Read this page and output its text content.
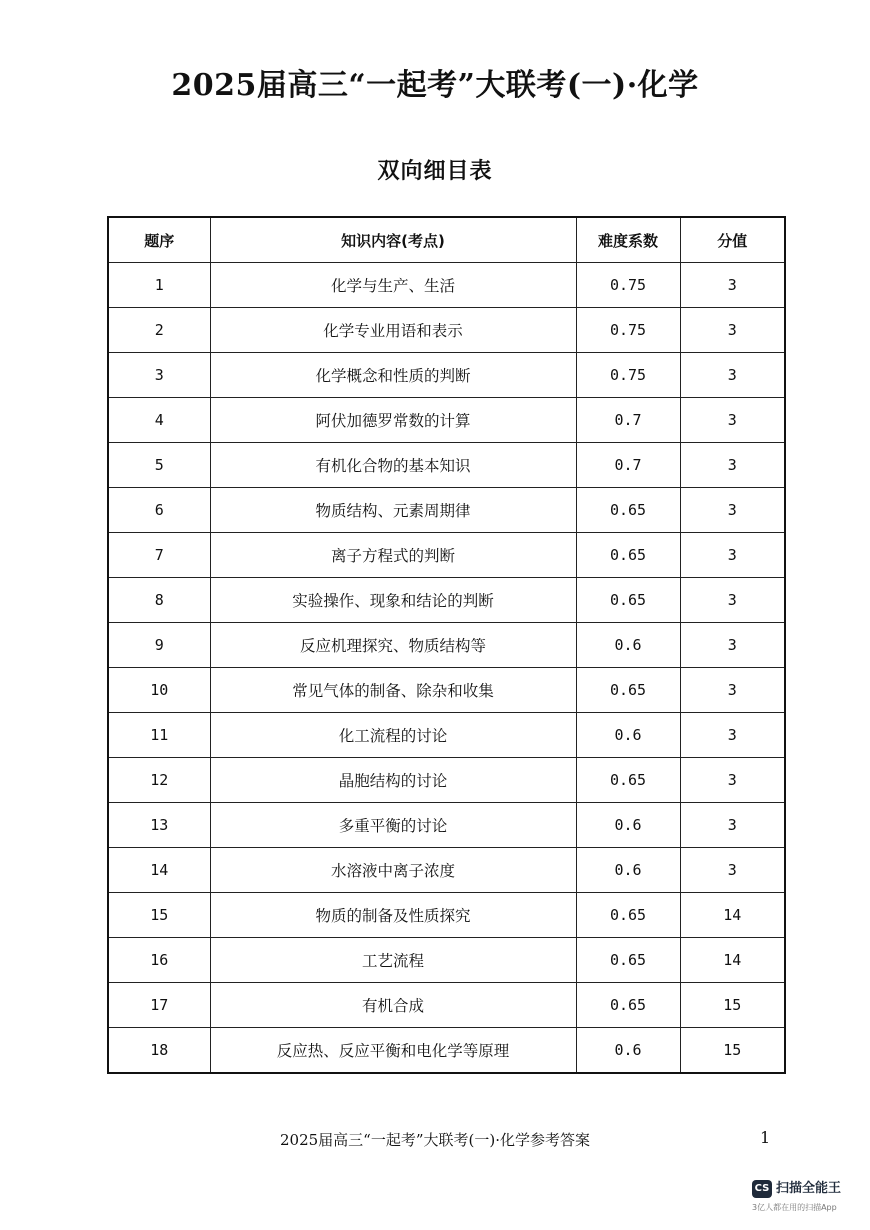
2025届高三“一起考”大联考(一)·化学
双向细目表
题序	知识内容(考点)	难度系数	分值
1	化学与生产、生活	0.75	3
2	化学专业用语和表示	0.75	3
3	化学概念和性质的判断	0.75	3
4	阿伏加德罗常数的计算	0.7	3
5	有机化合物的基本知识	0.7	3
6	物质结构、元素周期律	0.65	3
7	离子方程式的判断	0.65	3
8	实验操作、现象和结论的判断	0.65	3
9	反应机理探究、物质结构等	0.6	3
10	常见气体的制备、除杂和收集	0.65	3
11	化工流程的讨论	0.6	3
12	晶胞结构的讨论	0.65	3
13	多重平衡的讨论	0.6	3
14	水溶液中离子浓度	0.6	3
15	物质的制备及性质探究	0.65	14
16	工艺流程	0.65	14
17	有机合成	0.65	15
18	反应热、反应平衡和电化学等原理	0.6	15
2025届高三“一起考”大联考(一)·化学参考答案	1
CS 扫描全能王
3亿人都在用的扫描App
